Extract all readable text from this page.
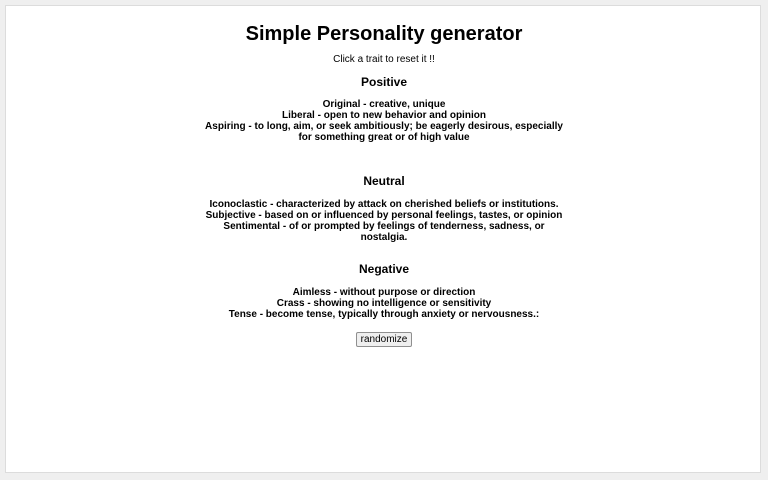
Simple Personality generator
Click a trait to reset it !!
Positive
Original - creative, unique
Liberal - open to new behavior and opinion
Aspiring - to long, aim, or seek ambitiously; be eagerly desirous, especially for something great or of high value
Neutral
Iconoclastic - characterized by attack on cherished beliefs or institutions.
Subjective - based on or influenced by personal feelings, tastes, or opinion
Sentimental - of or prompted by feelings of tenderness, sadness, or nostalgia.
Negative
Aimless - without purpose or direction
Crass - showing no intelligence or sensitivity
Tense - become tense, typically through anxiety or nervousness.:
randomize
